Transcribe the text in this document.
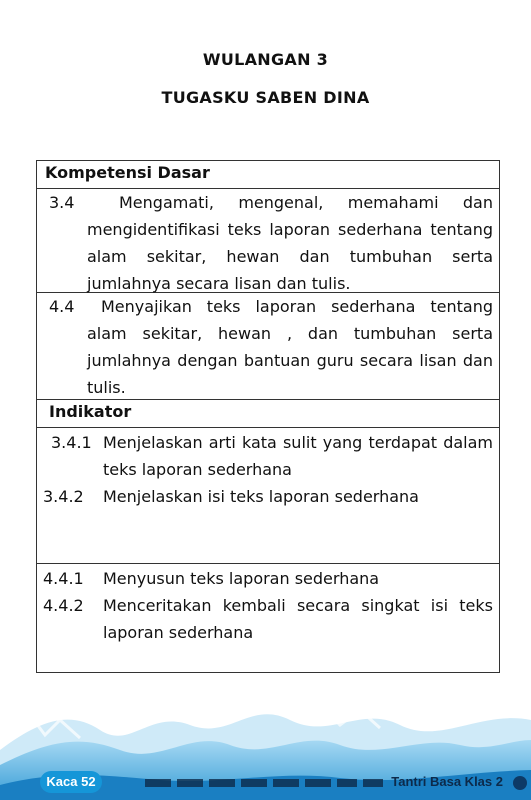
WULANGAN 3
TUGASKU SABEN DINA
Kompetensi Dasar
3.4	Mengamati, mengenal, memahami dan mengidentifikasi teks laporan sederhana tentang alam sekitar, hewan dan tumbuhan serta jumlahnya secara lisan dan tulis.
4.4	Menyajikan teks laporan sederhana tentang alam sekitar, hewan , dan tumbuhan serta jumlahnya dengan bantuan guru secara lisan dan tulis.
Indikator
3.4.1 Menjelaskan arti kata sulit yang terdapat dalam teks laporan sederhana
3.4.2 Menjelaskan isi teks laporan sederhana
4.4.1 Menyusun teks laporan sederhana
4.4.2 Menceritakan kembali secara singkat isi teks laporan sederhana
Kaca 52	Tantri Basa Klas 2
